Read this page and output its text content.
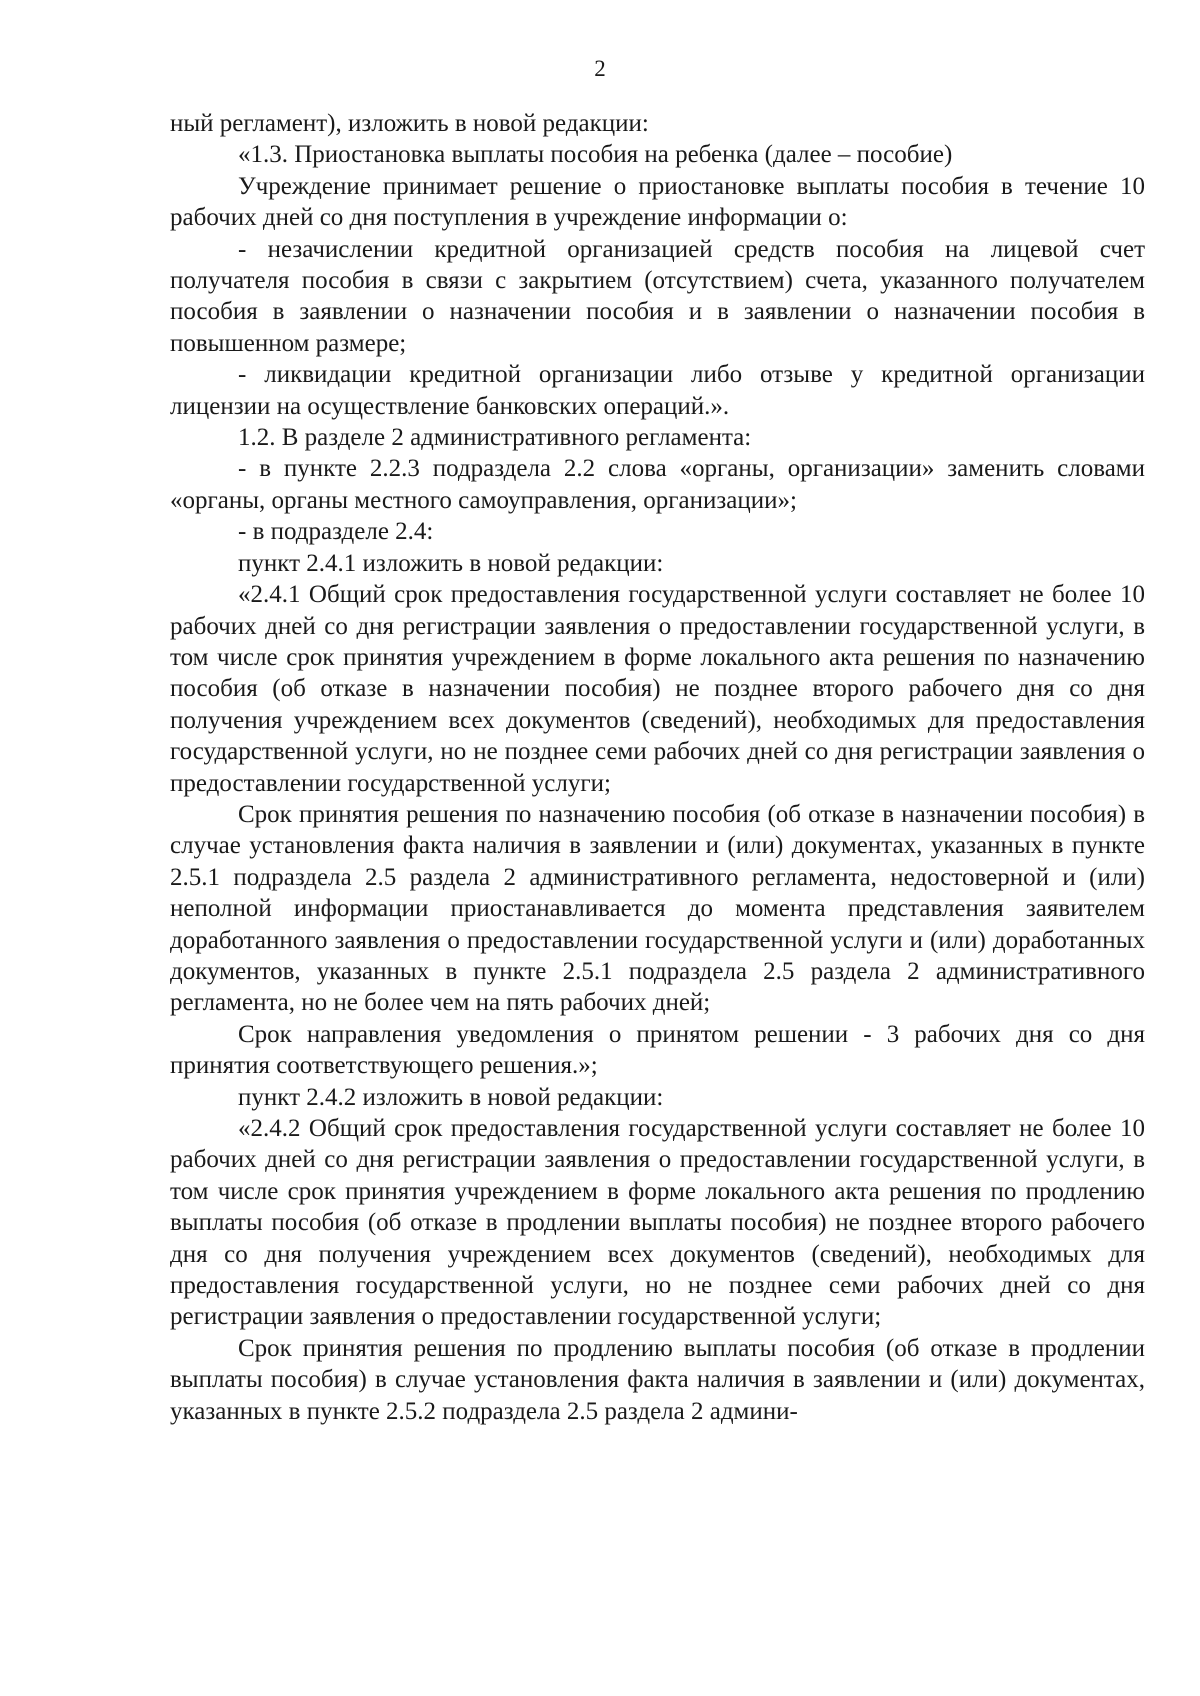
2

ный регламент), изложить в новой редакции:

«1.3. Приостановка выплаты пособия на ребенка (далее – пособие)

Учреждение принимает решение о приостановке выплаты пособия в течение 10 рабочих дней со дня поступления в учреждение информации о:

- незачислении кредитной организацией средств пособия на лицевой счет получателя пособия в связи с закрытием (отсутствием) счета, указанного получателем пособия в заявлении о назначении пособия и в заявлении о назначении пособия в повышенном размере;

- ликвидации кредитной организации либо отзыве у кредитной организации лицензии на осуществление банковских операций.».

1.2. В разделе 2 административного регламента:

- в пункте 2.2.3 подраздела 2.2 слова «органы, организации» заменить словами «органы, органы местного самоуправления, организации»;

- в подразделе 2.4:

пункт 2.4.1 изложить в новой редакции:

«2.4.1 Общий срок предоставления государственной услуги составляет не более 10 рабочих дней со дня регистрации заявления о предоставлении государственной услуги, в том числе срок принятия учреждением в форме локального акта решения по назначению пособия (об отказе в назначении пособия) не позднее второго рабочего дня со дня получения учреждением всех документов (сведений), необходимых для предоставления государственной услуги, но не позднее семи рабочих дней со дня регистрации заявления о предоставлении государственной услуги;

Срок принятия решения по назначению пособия (об отказе в назначении пособия) в случае установления факта наличия в заявлении и (или) документах, указанных в пункте 2.5.1 подраздела 2.5 раздела 2 административного регламента, недостоверной и (или) неполной информации приостанавливается до момента представления заявителем доработанного заявления о предоставлении государственной услуги и (или) доработанных документов, указанных в пункте 2.5.1 подраздела 2.5 раздела 2 административного регламента, но не более чем на пять рабочих дней;

Срок направления уведомления о принятом решении - 3 рабочих дня со дня принятия соответствующего решения.»;

пункт 2.4.2 изложить в новой редакции:

«2.4.2 Общий срок предоставления государственной услуги составляет не более 10 рабочих дней со дня регистрации заявления о предоставлении государственной услуги, в том числе срок принятия учреждением в форме локального акта решения по продлению выплаты пособия (об отказе в продлении выплаты пособия) не позднее второго рабочего дня со дня получения учреждением всех документов (сведений), необходимых для предоставления государственной услуги, но не позднее семи рабочих дней со дня регистрации заявления о предоставлении государственной услуги;

Срок принятия решения по продлению выплаты пособия (об отказе в продлении выплаты пособия) в случае установления факта наличия в заявлении и (или) документах, указанных в пункте 2.5.2 подраздела 2.5 раздела 2 админи-
